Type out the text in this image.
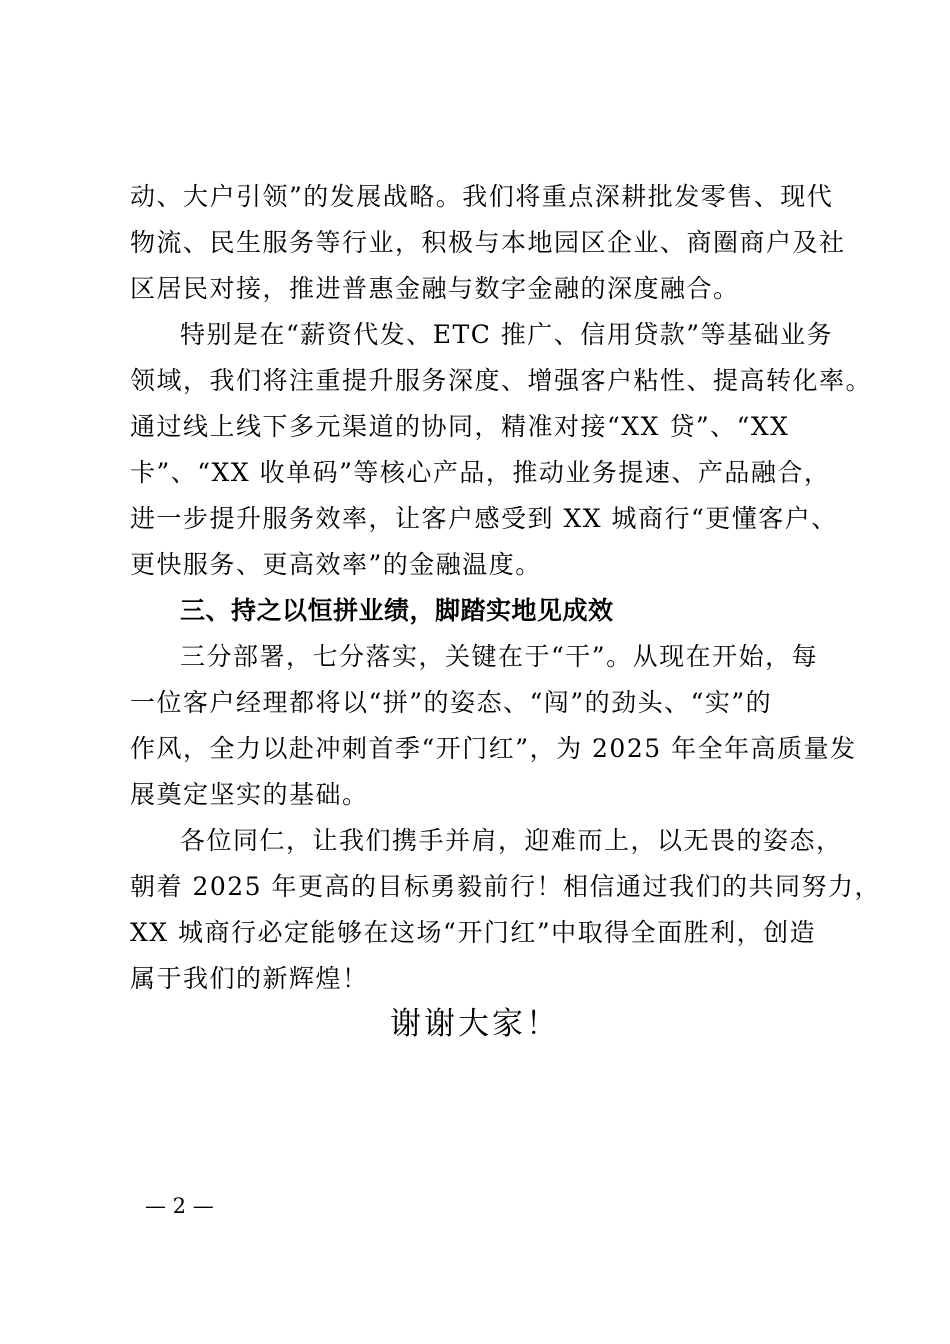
动、大户引领”的发展战略。我们将重点深耕批发零售、现代
物流、民生服务等行业，积极与本地园区企业、商圈商户及社
区居民对接，推进普惠金融与数字金融的深度融合。
特别是在“薪资代发、ETC 推广、信用贷款”等基础业务
领域，我们将注重提升服务深度、增强客户粘性、提高转化率。
通过线上线下多元渠道的协同，精准对接“XX 贷”、“XX
卡”、“XX 收单码”等核心产品，推动业务提速、产品融合，
进一步提升服务效率，让客户感受到 XX 城商行“更懂客户、
更快服务、更高效率”的金融温度。
三、持之以恒拼业绩，脚踏实地见成效
三分部署，七分落实，关键在于“干”。从现在开始，每
一位客户经理都将以“拼”的姿态、“闯”的劲头、“实”的
作风，全力以赴冲刺首季“开门红”，为 2025 年全年高质量发
展奠定坚实的基础。
各位同仁，让我们携手并肩，迎难而上，以无畏的姿态，
朝着 2025 年更高的目标勇毅前行！相信通过我们的共同努力，
XX 城商行必定能够在这场“开门红”中取得全面胜利，创造
属于我们的新辉煌！
谢谢大家！
— 2 —
